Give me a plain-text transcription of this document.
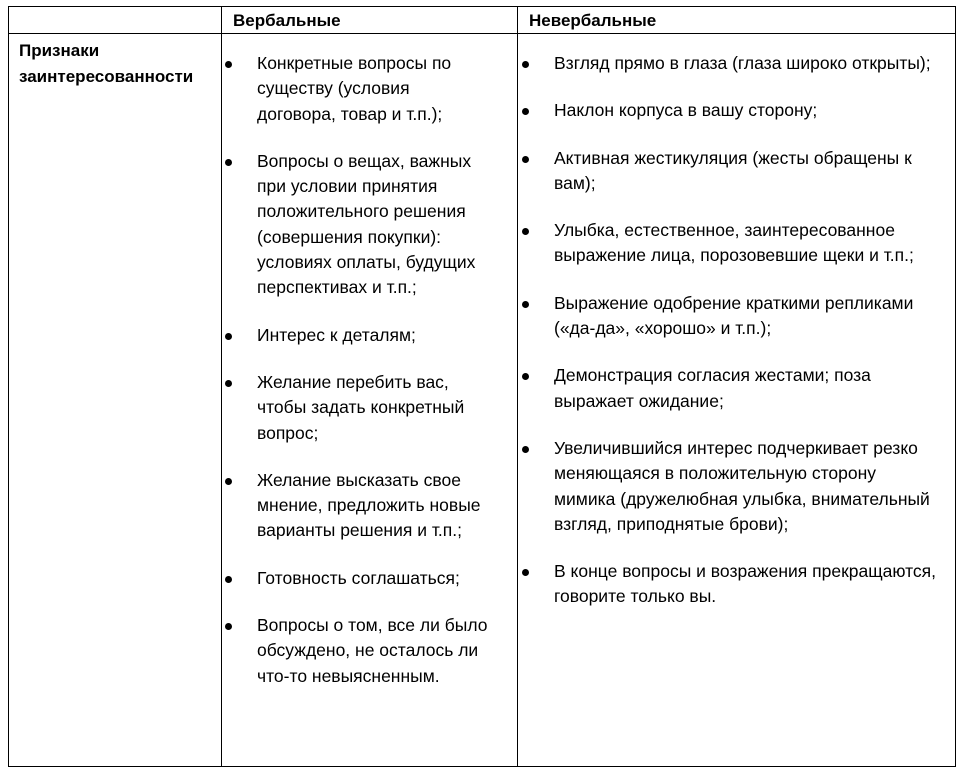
Вербальные	Невербальные
Признаки
заинтересованности
Конкретные вопросы по существу (условия договора, товар и т.п.);
Вопросы о вещах, важных при условии принятия положительного решения (совершения покупки): условиях оплаты, будущих перспективах и т.п.;
Интерес к деталям;
Желание перебить вас, чтобы задать конкретный вопрос;
Желание высказать свое мнение, предложить новые варианты решения и т.п.;
Готовность соглашаться;
Вопросы о том, все ли было обсуждено, не осталось ли что-то невыясненным.
Взгляд прямо в глаза (глаза широко открыты);
Наклон корпуса в вашу сторону;
Активная жестикуляция (жесты обращены к вам);
Улыбка, естественное, заинтересованное выражение лица, порозовевшие щеки и т.п.;
Выражение одобрение краткими репликами («да-да», «хорошо» и т.п.);
Демонстрация согласия жестами; поза выражает ожидание;
Увеличившийся интерес подчеркивает резко меняющаяся в положительную сторону мимика (дружелюбная улыбка, внимательный взгляд, приподнятые брови);
В конце вопросы и возражения прекращаются, говорите только вы.
